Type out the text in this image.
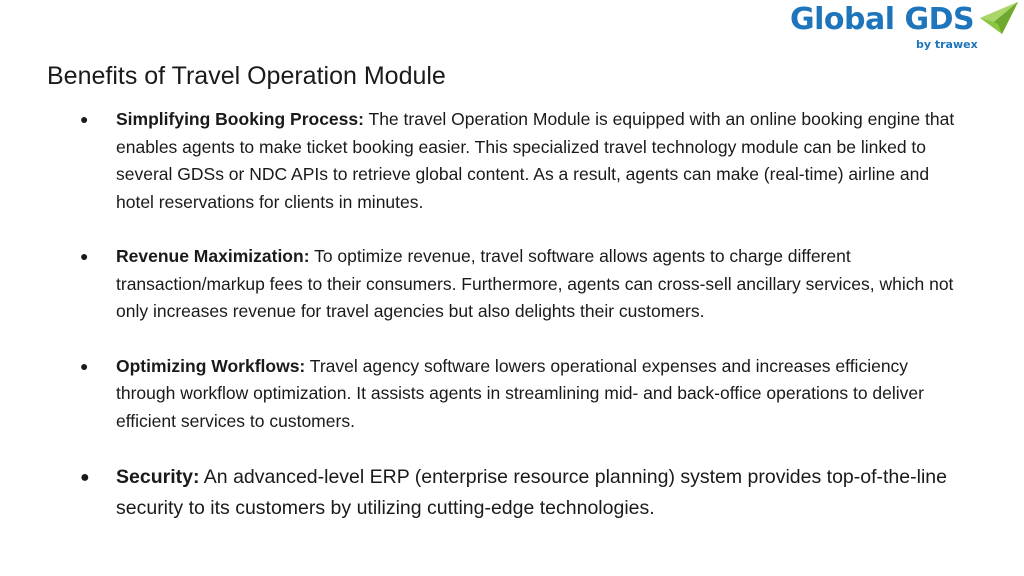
Global GDS
by trawex
Benefits of Travel Operation Module
● Simplifying Booking Process: The travel Operation Module is equipped with an online booking engine that enables agents to make ticket booking easier. This specialized travel technology module can be linked to several GDSs or NDC APIs to retrieve global content. As a result, agents can make (real-time) airline and hotel reservations for clients in minutes.
● Revenue Maximization: To optimize revenue, travel software allows agents to charge different transaction/markup fees to their consumers. Furthermore, agents can cross-sell ancillary services, which not only increases revenue for travel agencies but also delights their customers.
● Optimizing Workflows: Travel agency software lowers operational expenses and increases efficiency through workflow optimization. It assists agents in streamlining mid- and back-office operations to deliver efficient services to customers.
● Security: An advanced-level ERP (enterprise resource planning) system provides top-of-the-line security to its customers by utilizing cutting-edge technologies.
